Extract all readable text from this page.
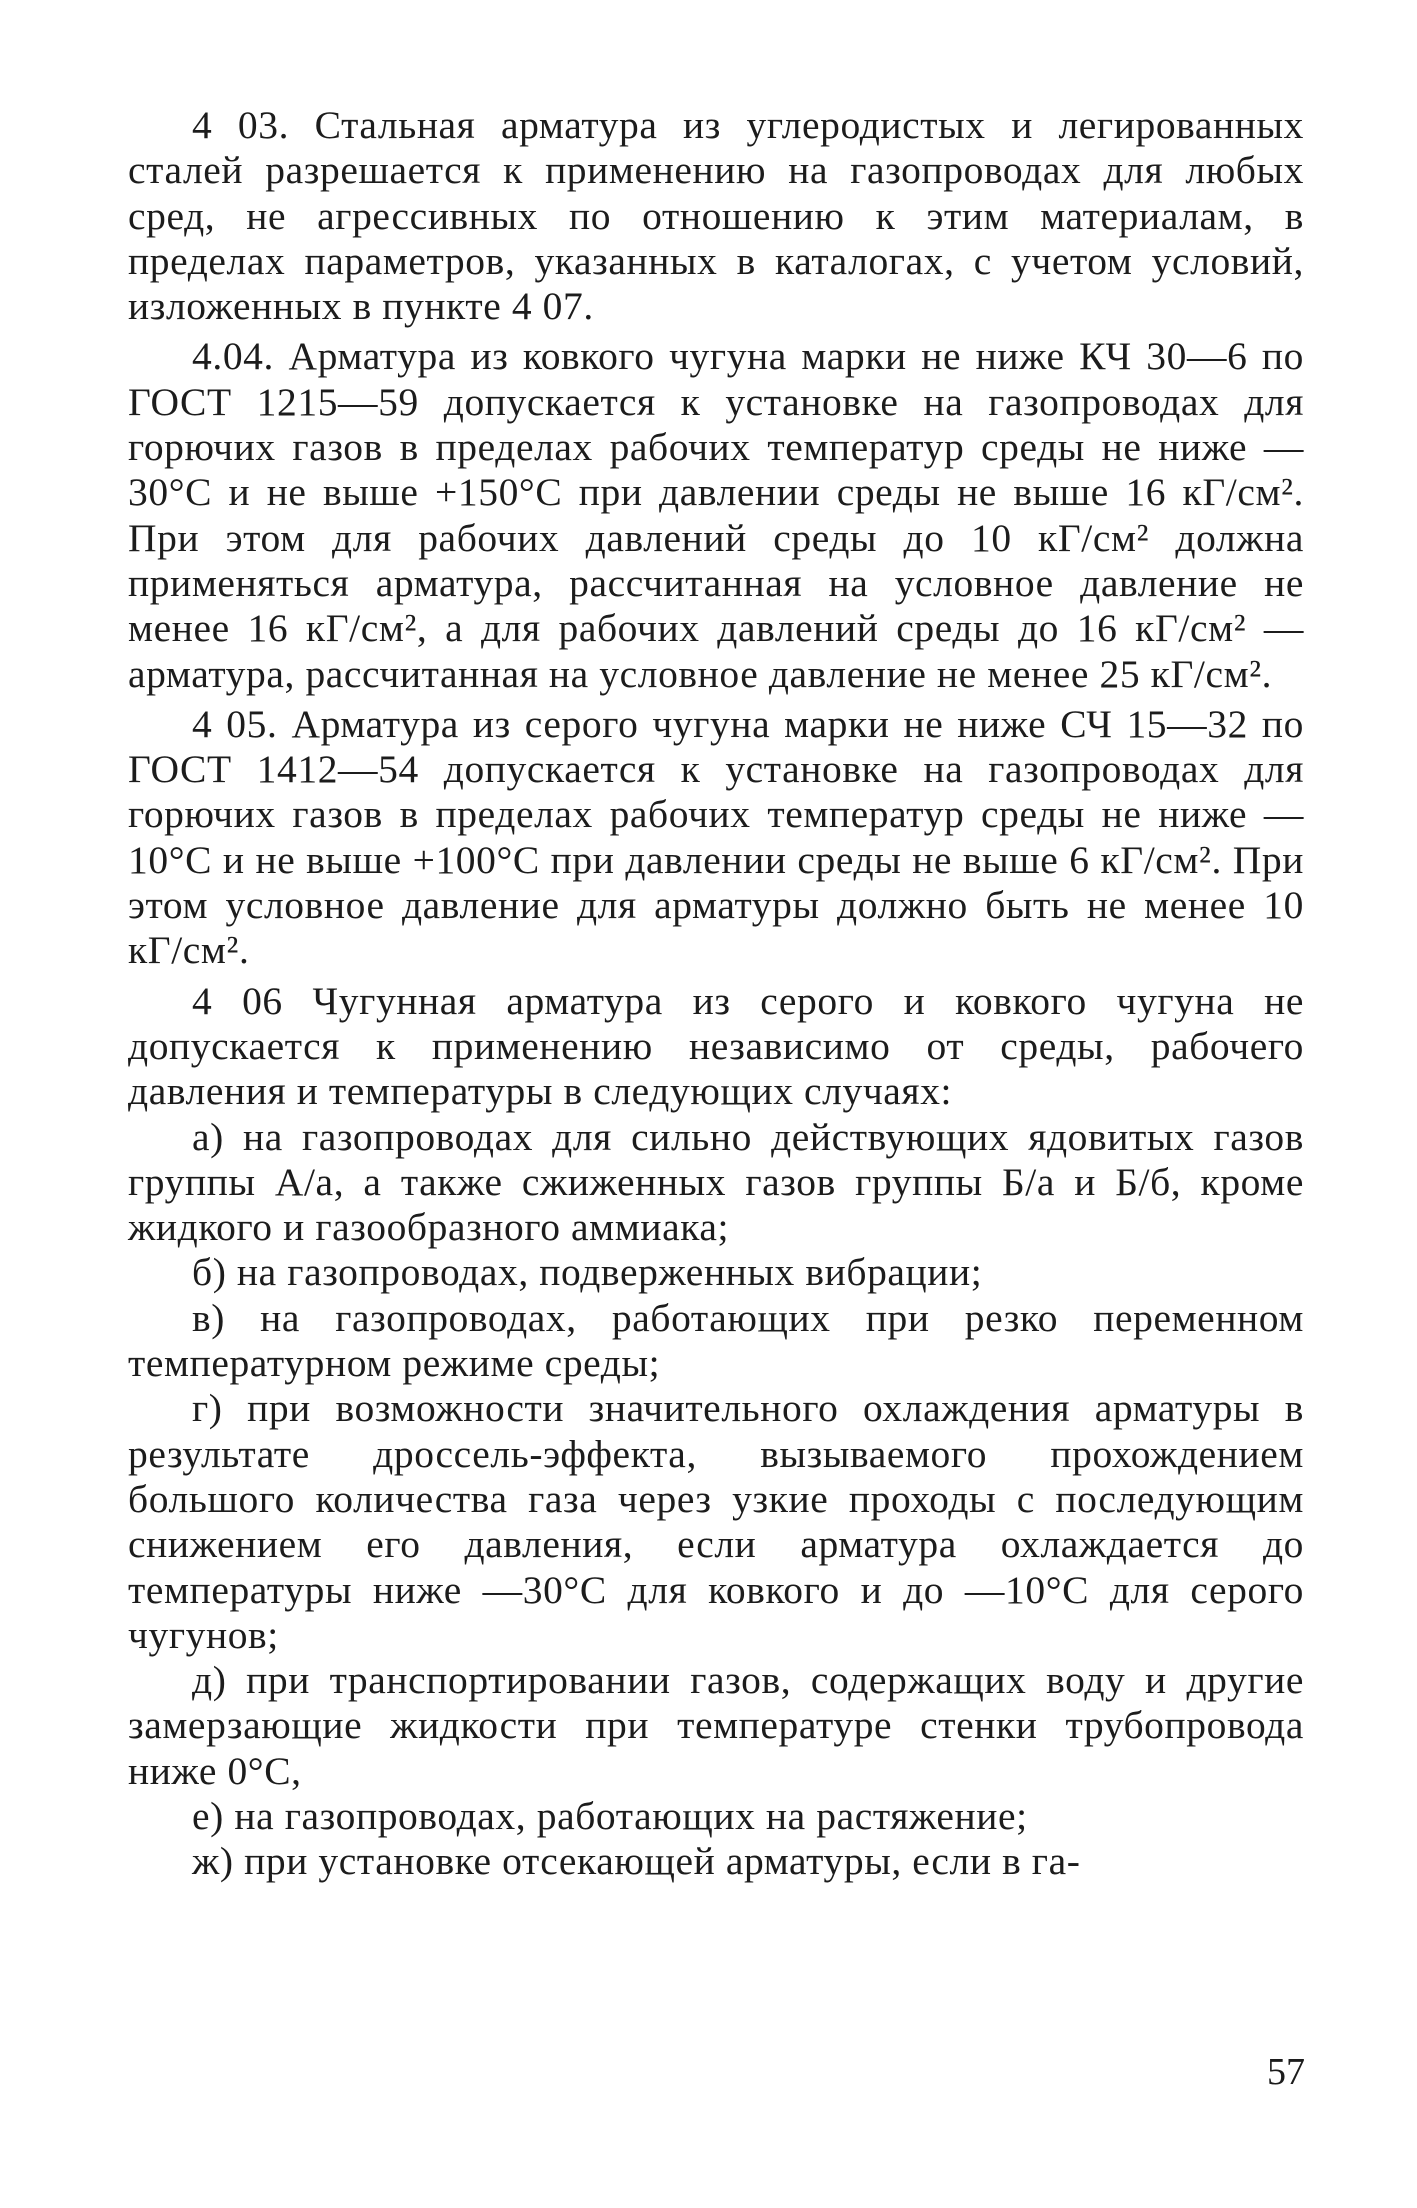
4 03. Стальная арматура из углеродистых и легированных сталей разрешается к применению на газопроводах для любых сред, не агрессивных по отношению к этим материалам, в пределах параметров, указанных в каталогах, с учетом условий, изложенных в пункте 4 07.

4.04. Арматура из ковкого чугуна марки не ниже КЧ 30—6 по ГОСТ 1215—59 допускается к установке на газопроводах для горючих газов в пределах рабочих температур среды не ниже —30°С и не выше +150°С при давлении среды не выше 16 кГ/см². При этом для рабочих давлений среды до 10 кГ/см² должна применяться арматура, рассчитанная на условное давление не менее 16 кГ/см², а для рабочих давлений среды до 16 кГ/см² — арматура, рассчитанная на условное давление не менее 25 кГ/см².

4 05. Арматура из серого чугуна марки не ниже СЧ 15—32 по ГОСТ 1412—54 допускается к установке на газопроводах для горючих газов в пределах рабочих температур среды не ниже —10°С и не выше +100°С при давлении среды не выше 6 кГ/см². При этом условное давление для арматуры должно быть не менее 10 кГ/см².

4 06 Чугунная арматура из серого и ковкого чугуна не допускается к применению независимо от среды, рабочего давления и температуры в следующих случаях:

а) на газопроводах для сильно действующих ядовитых газов группы А/а, а также сжиженных газов группы Б/а и Б/б, кроме жидкого и газообразного аммиака;

б) на газопроводах, подверженных вибрации;

в) на газопроводах, работающих при резко переменном температурном режиме среды;

г) при возможности значительного охлаждения арматуры в результате дроссель-эффекта, вызываемого прохождением большого количества газа через узкие проходы с последующим снижением его давления, если арматура охлаждается до температуры ниже —30°С для ковкого и до —10°С для серого чугунов;

д) при транспортировании газов, содержащих воду и другие замерзающие жидкости при температуре стенки трубопровода ниже 0°С,

е) на газопроводах, работающих на растяжение;

ж) при установке отсекающей арматуры, если в га-

57
